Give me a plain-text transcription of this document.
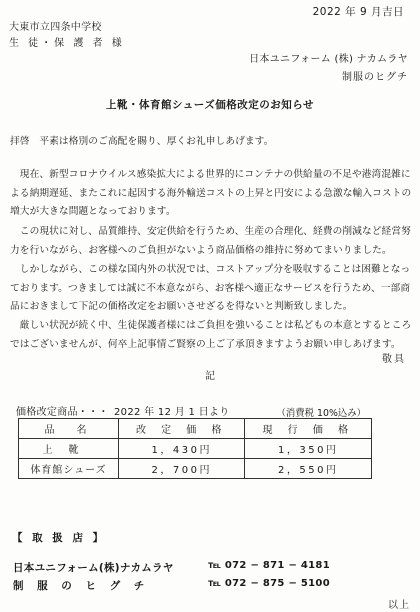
2022 年 9 月吉日
大東市立四条中学校
生 徒・保 護 者 様
日本ユニフォーム (株) ナカムラヤ
制服のヒグチ
上靴・体育館シューズ価格改定のお知らせ
拝啓　平素は格別のご高配を賜り、厚くお礼申しあげます。
　現在、新型コロナウイルス感染拡大による世界的にコンテナの供給量の不足や港湾混雑による納期遅延、またこれに起因する海外輸送コストの上昇と円安による急激な輸入コストの増大が大きな問題となっております。
　この現状に対し、品質維持、安定供給を行うため、生産の合理化、経費の削減など経営努力を行いながら、お客様へのご負担がないよう商品価格の維持に努めてまいりました。
　しかしながら、この様な国内外の状況では、コストアップ分を吸収することは困難となっております。つきましては誠に不本意ながら、お客様へ適正なサービスを行うため、一部商品におきまして下記の価格改定をお願いさせざるを得ないと判断致しました。
　厳しい状況が続く中、生徒保護者様にはご負担を強いることは私どもの本意とするところではございませんが、何卒上記事情ご賢察の上ご了承頂きますようお願い申しあげます。
敬具
記
価格改定商品・・・ 2022 年 12 月 1 日より	（消費税 10%込み）
品　名	改 定 価 格	現 行 価 格
上靴	1，430円	1，350円
体育館シューズ	2，700円	2，550円
【 取 扱 店 】
日本ユニフォーム(株)ナカムラヤ	℡ 072 − 871 − 4181
制 服 の ヒ グ チ	℡ 072 − 875 − 5100
以上
